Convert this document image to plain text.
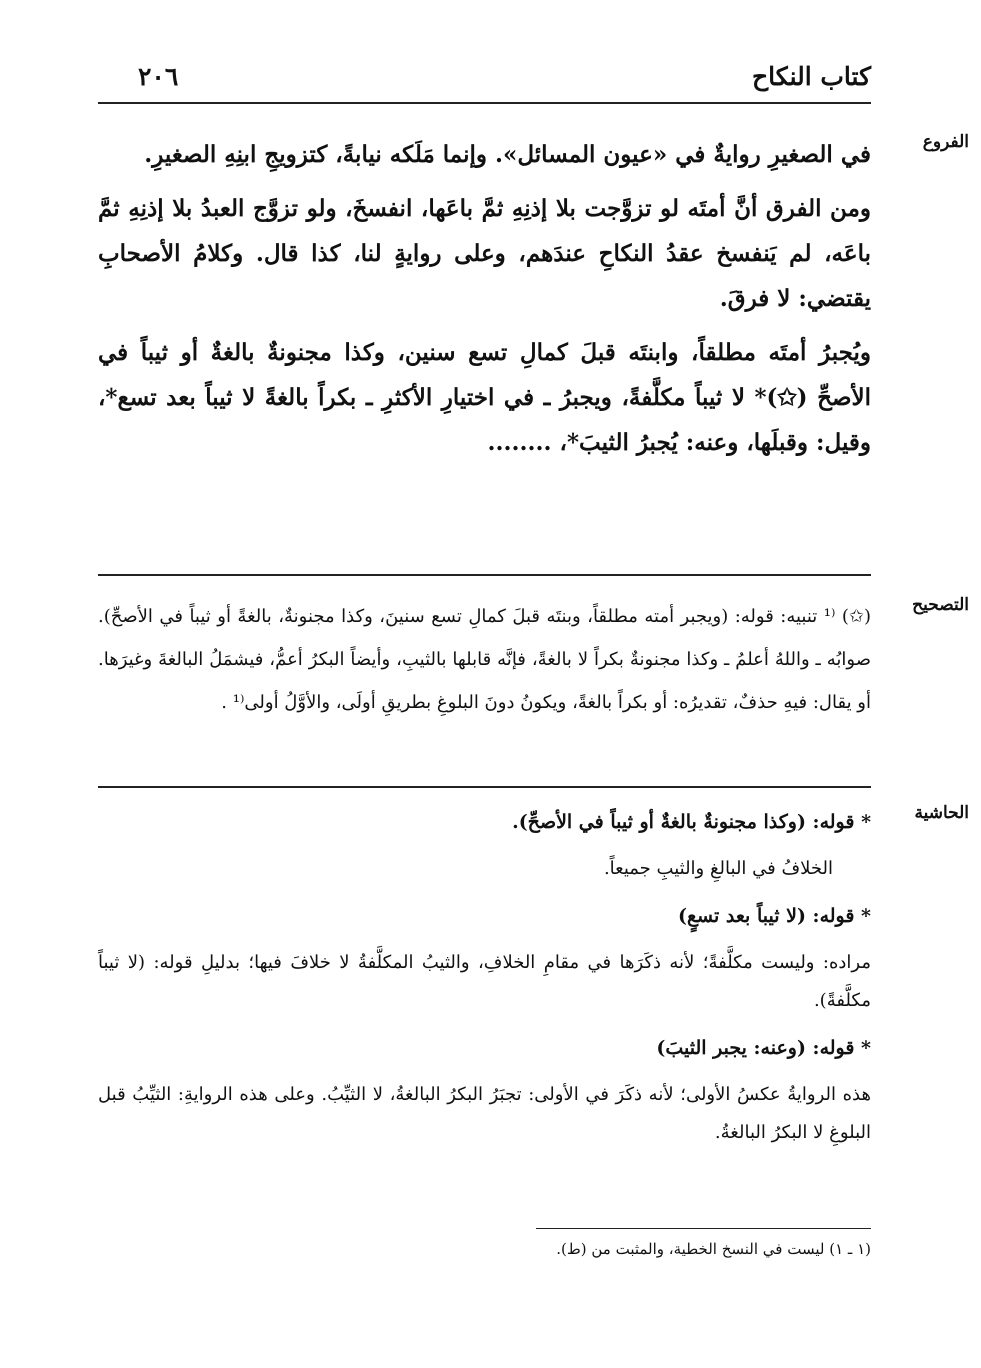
٢٠٦	كتاب النكاح
الفروع

في الصغيرِ روايةٌ في «عيون المسائل». وإنما مَلَكه نيابةً، كتزويجِ ابنِهِ الصغيرِ.

ومن الفرق أنَّ أمتَه لو تزوَّجت بلا إذنِهِ ثمَّ باعَها، انفسخَ، ولو تزوَّج العبدُ بلا إذنِهِ ثمَّ باعَه، لم يَنفسخ عقدُ النكاحِ عندَهم، وعلى روايةٍ لنا، كذا قال. وكلامُ الأصحابِ يقتضي: لا فرقَ.

ويُجبرُ أمتَه مطلقاً، وابنتَه قبلَ كمالِ تسع سنين، وكذا مجنونةٌ بالغةٌ أو ثيباً في الأصحِّ (✩)* لا ثيباً مكلَّفةً، ويجبرُ ـ في اختيارِ الأكثرِ ـ بكراً بالغةً لا ثيباً بعد تسع*، وقيل: وقبلَها، وعنه: يُجبرُ الثيبَ*، ........

التصحيح

(✩) ⁽¹ تنبيه: قوله: (ويجبر أمته مطلقاً، وبنتَه قبلَ كمالِ تسع سنينَ، وكذا مجنونةٌ، بالغةً أو ثيباً في الأصحِّ). صوابُه ـ واللهُ أعلمُ ـ وكذا مجنونةٌ بكراً لا بالغةً، فإنَّه قابلها بالثيبِ، وأيضاً البكرُ أعمُّ، فيشمَلُ البالغةَ وغيرَها. أو يقال: فيهِ حذفٌ، تقديرُه: أو بكراً بالغةً، ويكونُ دونَ البلوغِ بطريقِ أولَى، والأوَّلُ أولى⁽¹ .

الحاشية

* قوله: (وكذا مجنونةٌ بالغةٌ أو ثيباً في الأصحِّ).

الخلافُ في البالغِ والثيبِ جميعاً.

* قوله: (لا ثيباً بعد تسعٍ)

مراده: وليست مكلَّفةً؛ لأنه ذكَرَها في مقامِ الخلافِ، والثيبُ المكلَّفةُ لا خلافَ فيها؛ بدليلِ قوله: (لا ثيباً مكلَّفةً).

* قوله: (وعنه: يجبر الثيبَ)

هذه الروايةُ عكسُ الأولى؛ لأنه ذكَرَ في الأولى: تجبَرُ البكرُ البالغةُ، لا الثيِّبُ. وعلى هذه الروايةِ: الثيِّبُ قبل البلوغِ لا البكرُ البالغةُ.

(١ ـ ١) ليست في النسخ الخطية، والمثبت من (ط).
